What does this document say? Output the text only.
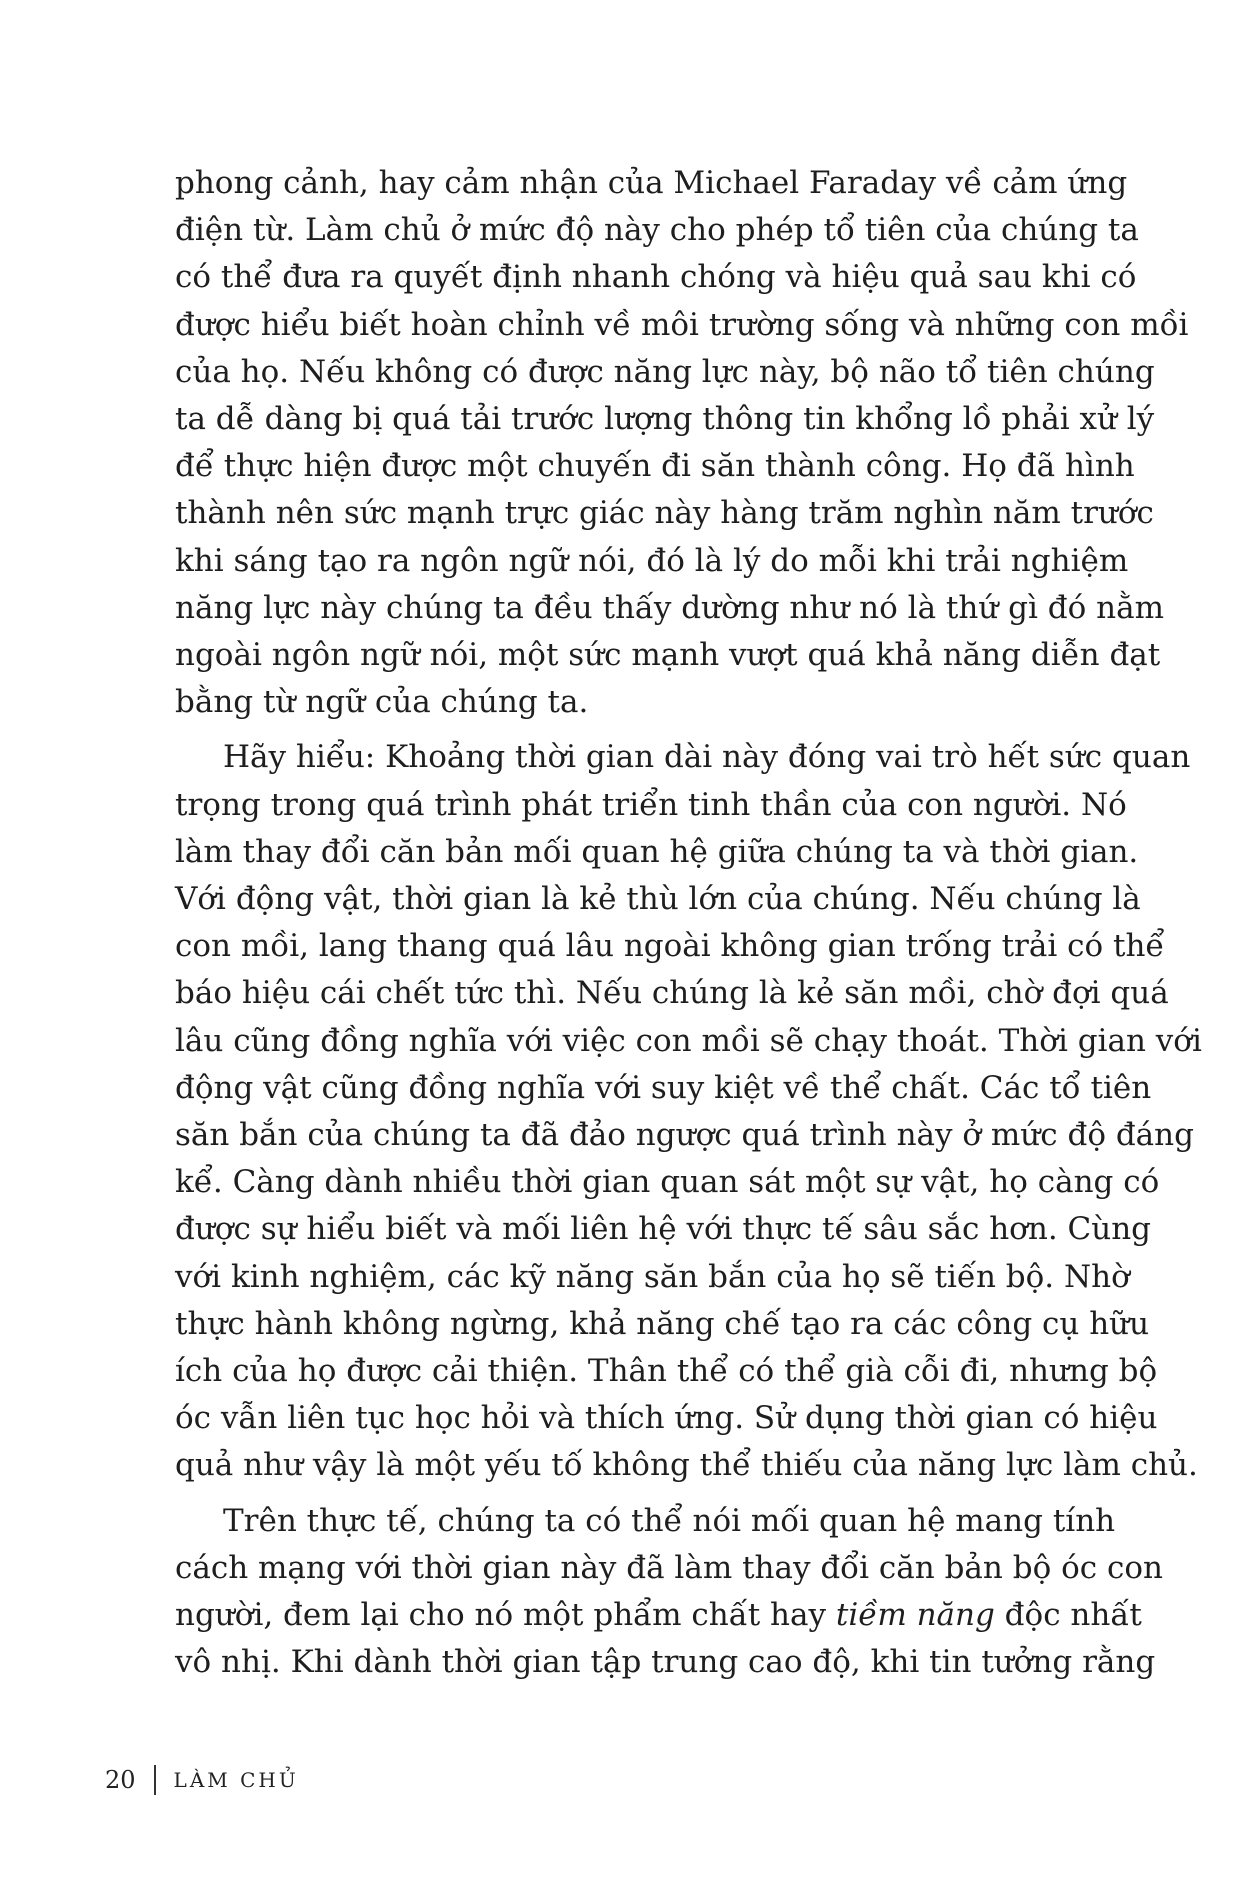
phong cảnh, hay cảm nhận của Michael Faraday về cảm ứng
điện từ. Làm chủ ở mức độ này cho phép tổ tiên của chúng ta
có thể đưa ra quyết định nhanh chóng và hiệu quả sau khi có
được hiểu biết hoàn chỉnh về môi trường sống và những con mồi
của họ. Nếu không có được năng lực này, bộ não tổ tiên chúng
ta dễ dàng bị quá tải trước lượng thông tin khổng lồ phải xử lý
để thực hiện được một chuyến đi săn thành công. Họ đã hình
thành nên sức mạnh trực giác này hàng trăm nghìn năm trước
khi sáng tạo ra ngôn ngữ nói, đó là lý do mỗi khi trải nghiệm
năng lực này chúng ta đều thấy dường như nó là thứ gì đó nằm
ngoài ngôn ngữ nói, một sức mạnh vượt quá khả năng diễn đạt
bằng từ ngữ của chúng ta.

Hãy hiểu: Khoảng thời gian dài này đóng vai trò hết sức quan
trọng trong quá trình phát triển tinh thần của con người. Nó
làm thay đổi căn bản mối quan hệ giữa chúng ta và thời gian.
Với động vật, thời gian là kẻ thù lớn của chúng. Nếu chúng là
con mồi, lang thang quá lâu ngoài không gian trống trải có thể
báo hiệu cái chết tức thì. Nếu chúng là kẻ săn mồi, chờ đợi quá
lâu cũng đồng nghĩa với việc con mồi sẽ chạy thoát. Thời gian với
động vật cũng đồng nghĩa với suy kiệt về thể chất. Các tổ tiên
săn bắn của chúng ta đã đảo ngược quá trình này ở mức độ đáng
kể. Càng dành nhiều thời gian quan sát một sự vật, họ càng có
được sự hiểu biết và mối liên hệ với thực tế sâu sắc hơn. Cùng
với kinh nghiệm, các kỹ năng săn bắn của họ sẽ tiến bộ. Nhờ
thực hành không ngừng, khả năng chế tạo ra các công cụ hữu
ích của họ được cải thiện. Thân thể có thể già cỗi đi, nhưng bộ
óc vẫn liên tục học hỏi và thích ứng. Sử dụng thời gian có hiệu
quả như vậy là một yếu tố không thể thiếu của năng lực làm chủ.

Trên thực tế, chúng ta có thể nói mối quan hệ mang tính
cách mạng với thời gian này đã làm thay đổi căn bản bộ óc con
người, đem lại cho nó một phẩm chất hay tiềm năng độc nhất
vô nhị. Khi dành thời gian tập trung cao độ, khi tin tưởng rằng

20 LÀM CHỦ
